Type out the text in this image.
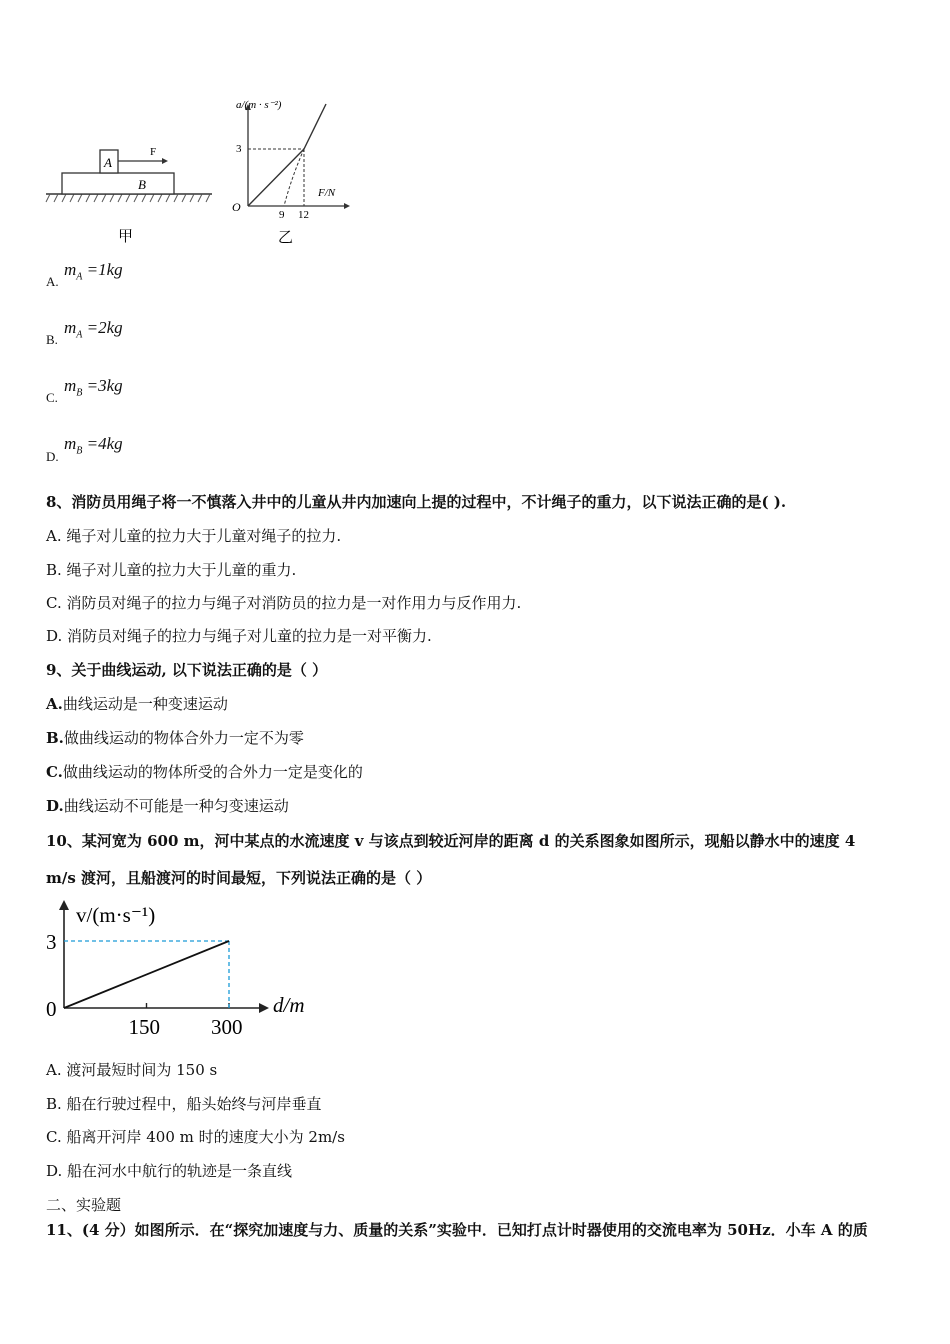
B
A
F
甲
a/(m · s⁻²)
F/N
O
3
9 12
乙
A.
$m_A =1kg$
B.
$m_A =2kg$
C.
$m_B =3kg$
D.
$m_B =4kg$
8、消防员用绳子将一不慎落入井中的儿童从井内加速向上提的过程中，不计绳子的重力，以下说法正确的是( ).
A. 绳子对儿童的拉力大于儿童对绳子的拉力.
B. 绳子对儿童的拉力大于儿童的重力.
C. 消防员对绳子的拉力与绳子对消防员的拉力是一对作用力与反作用力.
D. 消防员对绳子的拉力与绳子对儿童的拉力是一对平衡力.
9、关于曲线运动, 以下说法正确的是（ ）
A.曲线运动是一种变速运动
B.做曲线运动的物体合外力一定不为零
C.做曲线运动的物体所受的合外力一定是变化的
D.曲线运动不可能是一种匀变速运动
10、某河宽为 600 m，河中某点的水流速度 v 与该点到较近河岸的距离 d 的关系图象如图所示，现船以静水中的速度 4
m/s 渡河，且船渡河的时间最短，下列说法正确的是（ ）
v/(m·s⁻¹)
d/m
0
3
150 300
A. 渡河最短时间为 150 s
B. 船在行驶过程中，船头始终与河岸垂直
C. 船离开河岸 400 m 时的速度大小为 2m/s
D. 船在河水中航行的轨迹是一条直线
二、实验题
11、(4 分）如图所示．在“探究加速度与力、质量的关系”实验中．已知打点计时器使用的交流电率为 50Hz．小车 A 的质
